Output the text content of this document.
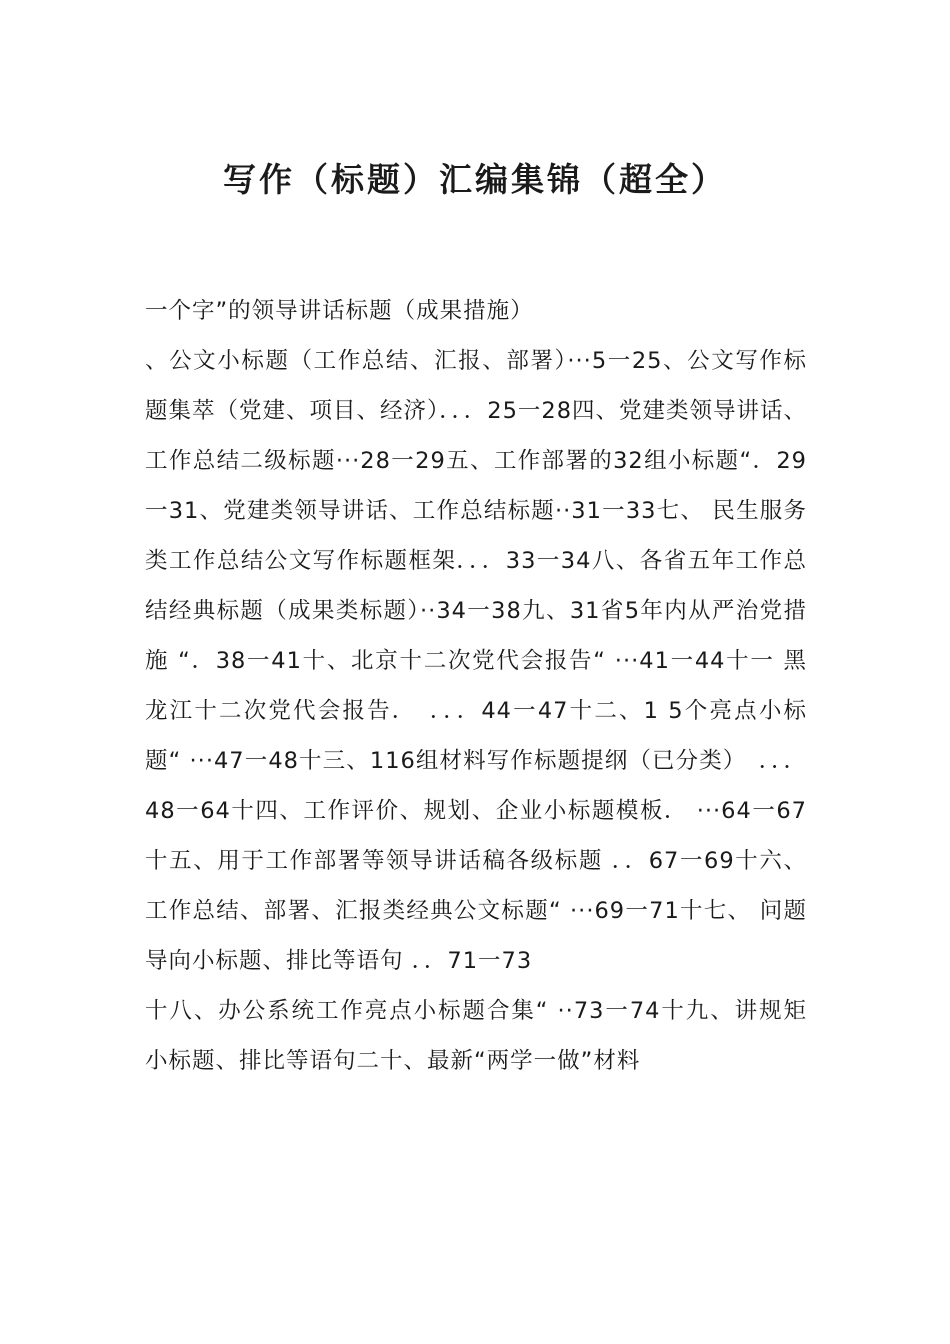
写作（标题）汇编集锦（超全）

一个字”的领导讲话标题（成果措施）

、公文小标题（工作总结、汇报、部署）···5一25、公文写作标题集萃（党建、项目、经济）．．．25一28四、党建类领导讲话、工作总结二级标题···28一29五、工作部署的32组小标题“．29一31、党建类领导讲话、工作总结标题··31一33七、 民生服务类工作总结公文写作标题框架．．．33一34八、各省五年工作总结经典标题（成果类标题）··34一38九、31省5年内从严治党措施 “．38一41十、北京十二次党代会报告“ ···41一44十一 黑龙江十二次党代会报告．　．．．44一47十二、1 5个亮点小标题“ ···47一48十三、116组材料写作标题提纲（已分类）　．．．48一64十四、工作评价、规划、企业小标题模板． ···64一67十五、用于工作部署等领导讲话稿各级标题 ．．67一69十六、工作总结、部署、汇报类经典公文标题“ ···69一71十七、 问题导向小标题、排比等语句 ．．71一73

十八、办公系统工作亮点小标题合集“ ··73一74十九、讲规矩小标题、排比等语句二十、最新“两学一做”材料
